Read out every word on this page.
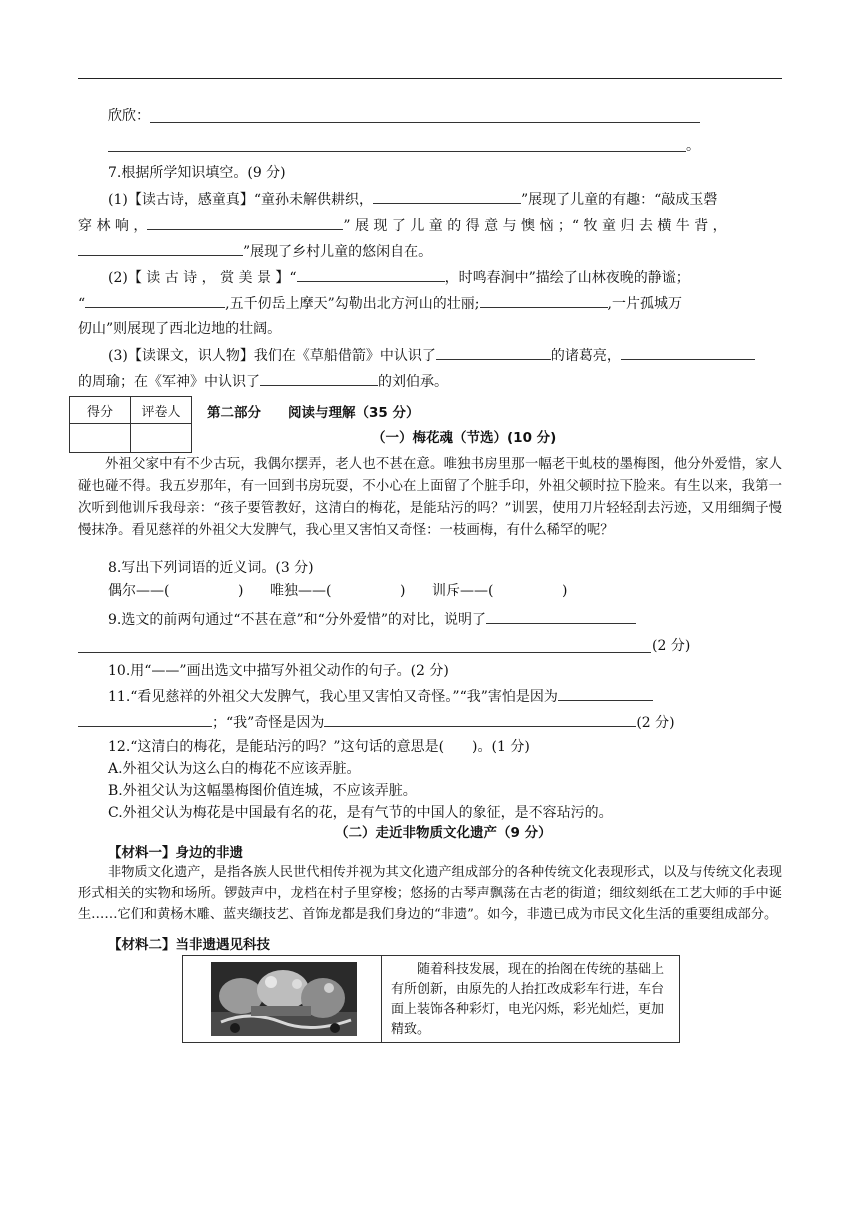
欣欣：
。
7.根据所学知识填空。(9 分)
(1)【读古诗，感童真】“童孙未解供耕织，	”展现了儿童的有趣：“敲成玉磬
穿 林 响 ，	” 展 现 了 儿 童 的 得 意 与 懊 恼 ；“ 牧 童 归 去 横 牛 背 ，
”展现了乡村儿童的悠闲自在。
(2)【 读 古 诗 ， 赏 美 景 】“	，时鸣春涧中”描绘了山林夜晚的静谧；
“	,五千仞岳上摩天”勾勒出北方河山的壮丽;	,一片孤城万
仞山”则展现了西北边地的壮阔。
(3)【读课文，识人物】我们在《草船借箭》中认识了	的诸葛亮，
的周瑜；在《军神》中认识了	的刘伯承。
得分	评卷人
	第二部分　　阅读与理解（35 分）
（一）梅花魂（节选）(10 分)
外祖父家中有不少古玩，我偶尔摆弄，老人也不甚在意。唯独书房里那一幅老干虬枝的墨梅图，他分外爱惜，家人碰也碰不得。我五岁那年，有一回到书房玩耍，不小心在上面留了个脏手印，外祖父顿时拉下脸来。有生以来，我第一次听到他训斥我母亲：“孩子要管教好，这清白的梅花，是能玷污的吗？”训罢，使用刀片轻轻刮去污迹，又用细绸子慢慢抹净。看见慈祥的外祖父大发脾气，我心里又害怕又奇怪：一枝画梅，有什么稀罕的呢？
8.写出下列词语的近义词。(3 分)
偶尔——(	) 唯独——(	) 训斥——(	)
9.选文的前两句通过“不甚在意”和“分外爱惜”的对比，说明了
(2 分)
10.用“——”画出选文中描写外祖父动作的句子。(2 分)
11.“看见慈祥的外祖父大发脾气，我心里又害怕又奇怪。”“我”害怕是因为
；“我”奇怪是因为	(2 分)
12.“这清白的梅花，是能玷污的吗？”这句话的意思是(　　)。(1 分)
A.外祖父认为这么白的梅花不应该弄脏。
B.外祖父认为这幅墨梅图价值连城，不应该弄脏。
C.外祖父认为梅花是中国最有名的花，是有气节的中国人的象征，是不容玷污的。
（二）走近非物质文化遗产（9 分）
【材料一】身边的非遗
非物质文化遗产，是指各族人民世代相传并视为其文化遗产组成部分的各种传统文化表现形式，以及与传统文化表现形式相关的实物和场所。锣鼓声中，龙档在村子里穿梭；悠扬的古琴声飘荡在古老的街道；细纹刻纸在工艺大师的手中诞生……它们和黄杨木雕、蓝夹缬技艺、首饰龙都是我们身边的“非遗”。如今，非遗已成为市民文化生活的重要组成部分。
【材料二】当非遗遇见科技
随着科技发展，现在的抬阁在传统的基础上有所创新，由原先的人抬扛改成彩车行进，车台面上装饰各种彩灯，电光闪烁，彩光灿烂，更加精致。
